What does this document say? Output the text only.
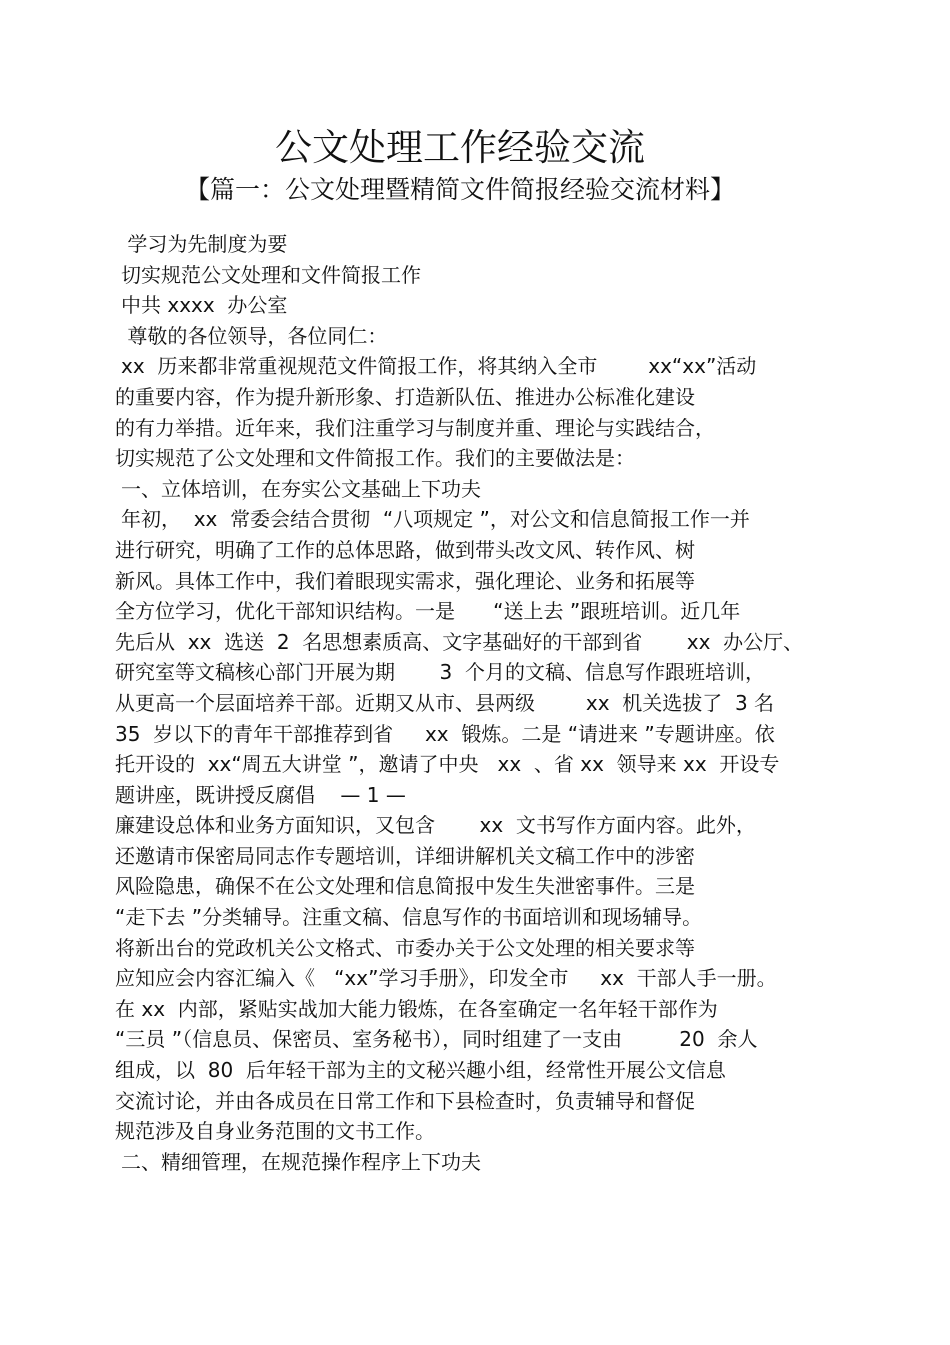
公文处理工作经验交流
【篇一：公文处理暨精简文件简报经验交流材料】
学习为先制度为要
切实规范公文处理和文件简报工作
中共 xxxx  办公室
尊敬的各位领导，各位同仁：
xx  历来都非常重视规范文件简报工作，将其纳入全市        xx“xx”活动
的重要内容，作为提升新形象、打造新队伍、推进办公标准化建设
的有力举措。近年来，我们注重学习与制度并重、理论与实践结合，
切实规范了公文处理和文件简报工作。我们的主要做法是：
一、立体培训，在夯实公文基础上下功夫
年初，  xx  常委会结合贯彻  “八项规定 ”，对公文和信息简报工作一并
进行研究，明确了工作的总体思路，做到带头改文风、转作风、树
新风。具体工作中，我们着眼现实需求，强化理论、业务和拓展等
全方位学习，优化干部知识结构。一是      “送上去 ”跟班培训。近几年
先后从  xx  选送  2  名思想素质高、文字基础好的干部到省       xx  办公厅、
研究室等文稿核心部门开展为期       3  个月的文稿、信息写作跟班培训，
从更高一个层面培养干部。近期又从市、县两级        xx  机关选拔了  3 名
35  岁以下的青年干部推荐到省     xx  锻炼。二是 “请进来 ”专题讲座。依
托开设的  xx“周五大讲堂 ”，邀请了中央   xx  、省 xx  领导来 xx  开设专
题讲座，既讲授反腐倡    — 1 —
廉建设总体和业务方面知识，又包含       xx  文书写作方面内容。此外，
还邀请市保密局同志作专题培训，详细讲解机关文稿工作中的涉密
风险隐患，确保不在公文处理和信息简报中发生失泄密事件。三是
“走下去 ”分类辅导。注重文稿、信息写作的书面培训和现场辅导。
将新出台的党政机关公文格式、市委办关于公文处理的相关要求等
应知应会内容汇编入《   “xx”学习手册》，印发全市     xx  干部人手一册。
在 xx  内部，紧贴实战加大能力锻炼，在各室确定一名年轻干部作为
“三员 ”（信息员、保密员、室务秘书），同时组建了一支由         20  余人
组成，以  80  后年轻干部为主的文秘兴趣小组，经常性开展公文信息
交流讨论，并由各成员在日常工作和下县检查时，负责辅导和督促
规范涉及自身业务范围的文书工作。
二、精细管理，在规范操作程序上下功夫
